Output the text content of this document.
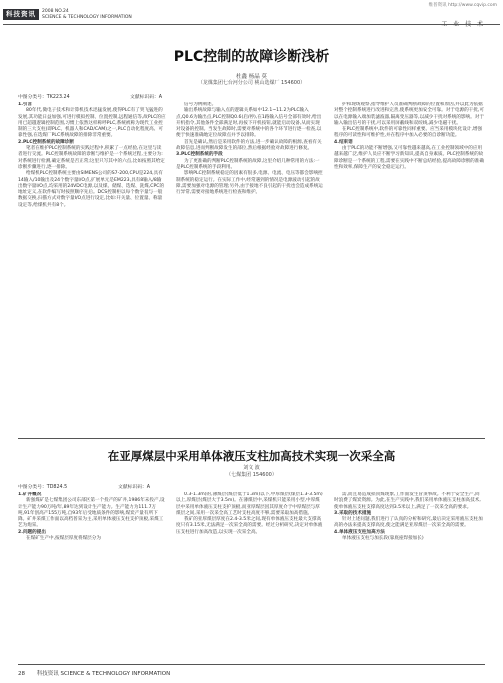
维普资讯 http://www.cqvip.com
科技资讯	2008 NO.24
SCIENCE & TECHNOLOGY INFORMATION
工 业 技 术
PLC控制的故障诊断浅析
杜鑫 杨晶 莫
（龙煤集团七台河分公司 桃山选煤厂 154600）
中图分类号：TK223.24	文献标识码：A

1.引言

80年代,微电子技术和计算机技术迅猛发展,使得PLC有了突飞猛进的发展,其功能日益加强,可进行模拟控制、位置控制,远程通信等,故PLC的应用已超越逻辑控制范围,习惯上依然这样称呼PLC,系统被称为现代工业控制的三大支柱(即PLC、机器人和CAD/CAM)之一,PLC自动化程度高、可靠性强,在选煤厂PLC系统故障的排除非常重要。

2.PLC控制系统的故障诊断

笔者在维护PLC控制系统的实践过程中,积累了一点经验,在这里与读者进行交流。PLC控制系统故障的诊断与维护是一个系统过程,主要分为:对系统进行检测,确定系统是否正常;这里只写其中的六点,比如按照其给定诊断步骤进行,逐一排除。

给煤机PLC控制系统主要由SIMENS公司的S7-200,CPU是224,具有14输入/10输出及24个数字量I/O点,扩展单元是EM223,具有8输入/8输出数字量I/O点,均采用的24VDC电源,以及煤、储煤、选煤、洗煤,CPC的地址定义,在软件编写时按照顺序先后。DCS控制柜以每个数字量与一般数据交换,扫描方式对数字量I/O点进行设定,比如:开关量、位置量、称量设定等,给煤机共有8个。

信号为例阐述。

输出系统故障与输入点的逻辑关系如中12.1~11.2为PLC输入点,Q0.6为输出点,PLC控制Q0.6(启/停),在1路输入信号全部有效时,给出开机指令,其他条件全部满足时,再按下开机按钮,就能启动设备,从而实现对设备的控制。当发生故障时,需要对系统中的各个环节进行逐一检查,以便于快速准确地定位故障点并予以排除。

首先是确认,然后是采用软件的方法,进一步确认故障的根源,查看有关故障信息,进而判断故障发生的部位,然后根据经验对故障进行修复。

3.PLC控制系统的手段

为了更准确的判断PLC控制系统的故障,这里介绍几种常用的方法:一是PLC控制系统的手段利用。

影响PLC控制系统稳定的因素有很多,电源、电流、电压等都会影响控制系统的稳定运行。在实际工作中,经常遇到的情况是电源波动引起的故障,需要加强对电源的管理;另外,由于接地不良引起的干扰也会造成系统运行异常,需要对接地系统进行检查和维护。

护和现场观察,指导维护人员准确判断故障的位置和原因,并以此为依据对整个控制系统进行改进和完善,使系统更加安全可靠。对于电源的干扰,可以在电源输入端加装滤波器,隔离变压器等,以减少干扰对系统的影响。对于输入输出信号的干扰,可以采用屏蔽线和双绞线,减少电磁干扰。

在PLC控制系统中,软件的可靠性同样重要。应当采用模块化设计,增强程序的可读性和可维护性,并在程序中加入必要的自诊断功能。

4.结束语

由于PLC的功能不断增强,又可靠性越来越高,在工业控制领域中的应用越来越广泛,维护人员应不断学习新知识,提高自身素质。PLC控制系统的故障诊断是一个系统的工程,需要在实践中不断总结经验,提高故障诊断的准确性和效率,保障生产的安全稳定运行。

在亚厚煤层中采用单体液压支柱加高技术实现一次采全高
刘文 波
（七煤集团 154600）
中图分类号：TD824.5	文献标识码：A

1.矿井概况

新强煤矿是七煤集团公司东部区第一个投产的矿井,1986年末投产,设计生产能力90万吨/年,89年达到设计生产能力。生产能力为111.7万吨,91年创高产155万吨,自93年后受地质条件的影响,煤炭产量有所下降。矿井采煤工作面以高档普采为主,采用单体液压支柱支护顶板,采煤工艺为炮采。

2.问题的提出

在煤矿生产中,按煤层厚度将煤层分为

0.3-1.3m)的,薄煤层(煤层低于1.3m)以下,中厚煤层(煤层1.3-3.5m)以上,厚煤层(煤层大于3.5m)。在薄煤层中,采煤机只能采用小型,中厚煤层中采用单体液压支柱支护顶板,而亚厚煤层因其厚度介于中厚煤层与厚煤层之间,采用一次采全高工艺时支柱高度不够,需要采取加高措施。

我矿的亚厚煤层厚度在2.4-3.5米之间,现有单体液压支柱最大支撑高度只有3.15米,无法满足一次采全高的需要。经过分析研究,决定对单体液压支柱进行加高改造,以实现一次采全高。

需,而且易造成损顶煤现象,工作面发生冒顶事故。不利于安全生产,同时浪费了煤炭资源。为此,在生产实践中,我们采用单体液压支柱加高技术,使单体液压支柱支撑高度达到3.5米以上,满足了一次采全高的要求。

3.采取的技术措施

针对上述问题,我们进行了认真的分析和研究,最后决定采用液压支柱加高的办法来提高支撑高度,使之能满足亚厚煤层一次采全高的需要。

4.单体液压支柱加高方法

单体液压支柱与加长段(靠底座焊接加长)

28 科技资讯 SCIENCE & TECHNOLOGY INFORMATION
